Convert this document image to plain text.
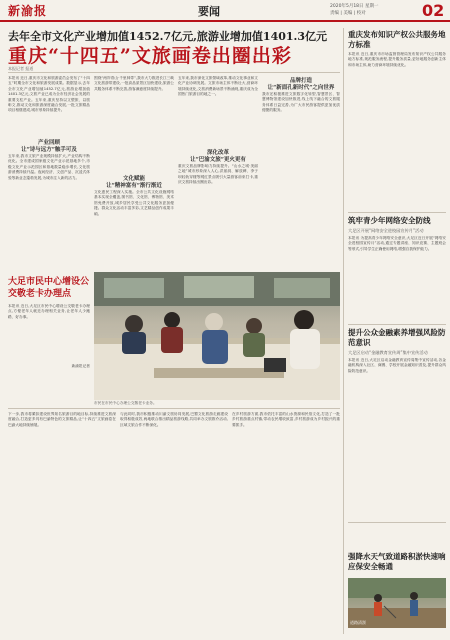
新渝报	要闻	2020年5月18日 星期一
责编 | 美编 | 校对	02
去年全市文化产业增加值1452.7亿元,旅游业增加值1401.3亿元
重庆“十四五”文旅画卷出圈出彩
本报记者 报道
本报讯 近日,重庆市文化和旅游委员会发布了“十四五”时期全市文化和旅游发展成果。数据显示,去年全市文化产业增加值1452.7亿元,旅游业增加值1401.3亿元,文旅产业已成为全市经济社会发展的重要支柱产业。五年来,重庆坚持以文塑旅、以旅彰文,推动文化和旅游深度融合发展,一批文旅精品项目相继建成,城市形象持续提升。
产业回顾
让“诗与远方”触手可及
五年来,我市文旅产业规模持续扩大,产业结构不断优化。全市建成国家级文化产业示范基地多个,市级文化产业示范园区和基地数量稳步增长,文化旅游消费持续升温。夜间经济、文创产品、沉浸式体验等新业态蓬勃发展,为城市注入新的活力。
围绕“两岸青山·千里林带”,我市大力推进长江三峡文化旅游带建设,一批高品质景区加快建设,旅游公共服务体系不断完善,游客满意度持续提升。
文化赋能
让“精神富有”渐行渐近
文化惠民工程深入实施。全市公共文化设施网络基本实现全覆盖,图书馆、文化馆、博物馆、美术馆免费开放,城乡居民享受公共文化服务更加便捷。群众文化活动丰富多彩,文艺精品创作成果丰硕。
五年来,我市深化文旅领域改革,推动文化事业和文化产业协调发展。文旅市场主体不断壮大,营商环境持续优化,文旅消费新场景不断涌现,重庆成为全国热门旅游目的地之一。
深化改革
让“巴渝文旅”更火更有
重庆文旅品牌影响力持续提升。“山水之城·美丽之地”城市形象深入人心,洪崖洞、解放碑、李子坝轻轨穿楼等网红景点吸引大量游客前来打卡,重庆文旅持续出圈出彩。
品牌打造
让“新面孔新时代”之向世界
我市还积极推进文旅数字化转型,智慧景区、智慧博物馆建设加快推进,线上线下融合的文旅服务体系日益完善,为广大市民游客提供更加优质便捷的服务。
大足市民中心增设公交敬老卡办理点
本报讯 近日,大足区市民中心增设公交敬老卡办理点,方便老年人就近办理相关业务,让老年人少跑路、好办事。
新渝报记者
市民在市民中心办理公交敬老卡业务。
下一步,我市将紧扣建设世界知名旅游目的地目标,持续推进文旅深度融合,打造更多具有巴渝特色的文旅精品,让“十四五”文旅画卷在巴渝大地持续铺展。
与此同时,我市积极推动川渝文旅协同发展,巴蜀文化旅游走廊建设取得积极成效,两地联合推出精品旅游线路,共同举办文旅推介活动,区域文旅合作不断深化。
在乡村旅游方面,我市依托丰富的山水资源和民俗文化,打造了一批乡村旅游重点村镇,带动农民增收致富,乡村旅游成为乡村振兴的重要抓手。
重庆发布知识产权公共服务地方标准
本报讯 近日,重庆市市场监督管理局发布知识产权公共服务地方标准,规范服务流程,提升服务质量,更好地服务创新主体和市场主体,助力营商环境持续优化。
筑牢青少年网络安全防线
大足区开展“网络安全进校园宣传月”活动
本报讯 为提高青少年网络安全意识,大足区近日开展“网络安全进校园宣传月”活动,通过专题讲座、知识竞赛、主题班会等形式,引导学生正确使用网络,增强自我保护能力。
提升公众金融素养增强风险防范意识
大足区启动“金融教育宣传周”集中宣传活动
本报讯 近日,大足区启动金融教育宣传周集中宣传活动,各金融机构深入社区、商圈、学校开展金融知识普及,提升群众风险防范意识。
强降水天气致道路积淤快速响应保安全畅通
道路清淤
